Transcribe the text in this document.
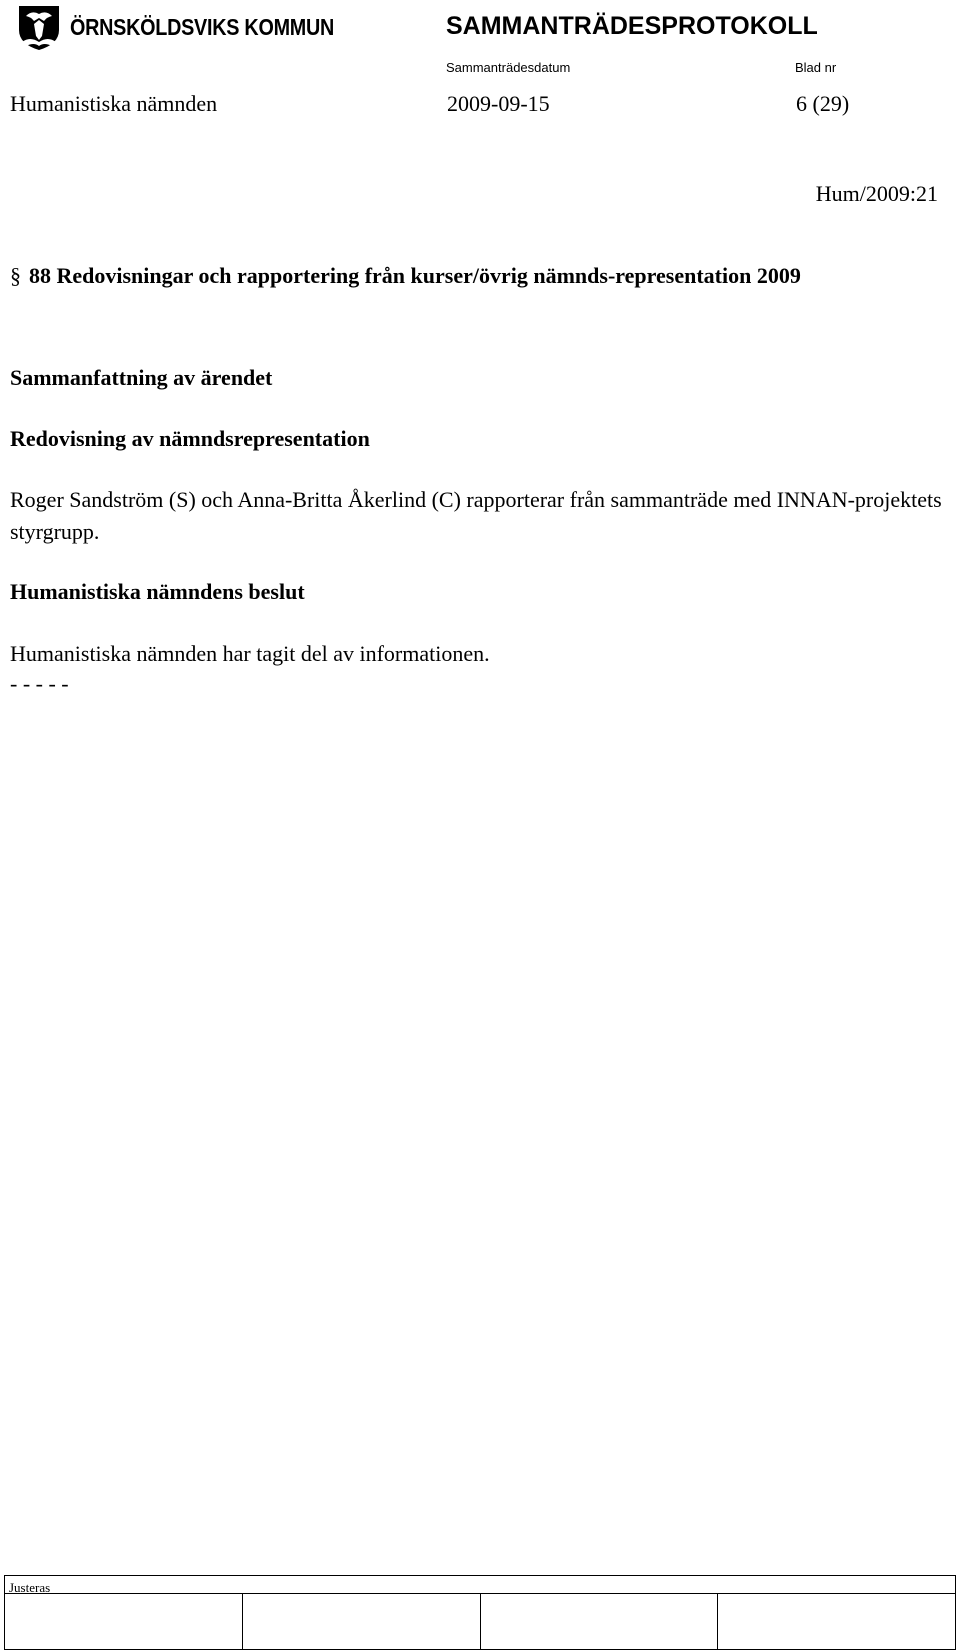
ÖRNSKÖLDSVIKS KOMMUN	SAMMANTRÄDESPROTOKOLL
Sammanträdesdatum	Blad nr
Humanistiska nämnden	2009-09-15	6 (29)
Hum/2009:21
§ 88 Redovisningar och rapportering från kurser/övrig nämnds-representation 2009
Sammanfattning av ärendet
Redovisning av nämndsrepresentation
Roger Sandström (S) och Anna-Britta Åkerlind (C) rapporterar från sammanträde med INNAN-projektets styrgrupp.
Humanistiska nämndens beslut
Humanistiska nämnden har tagit del av informationen.
- - - - -
Justeras
